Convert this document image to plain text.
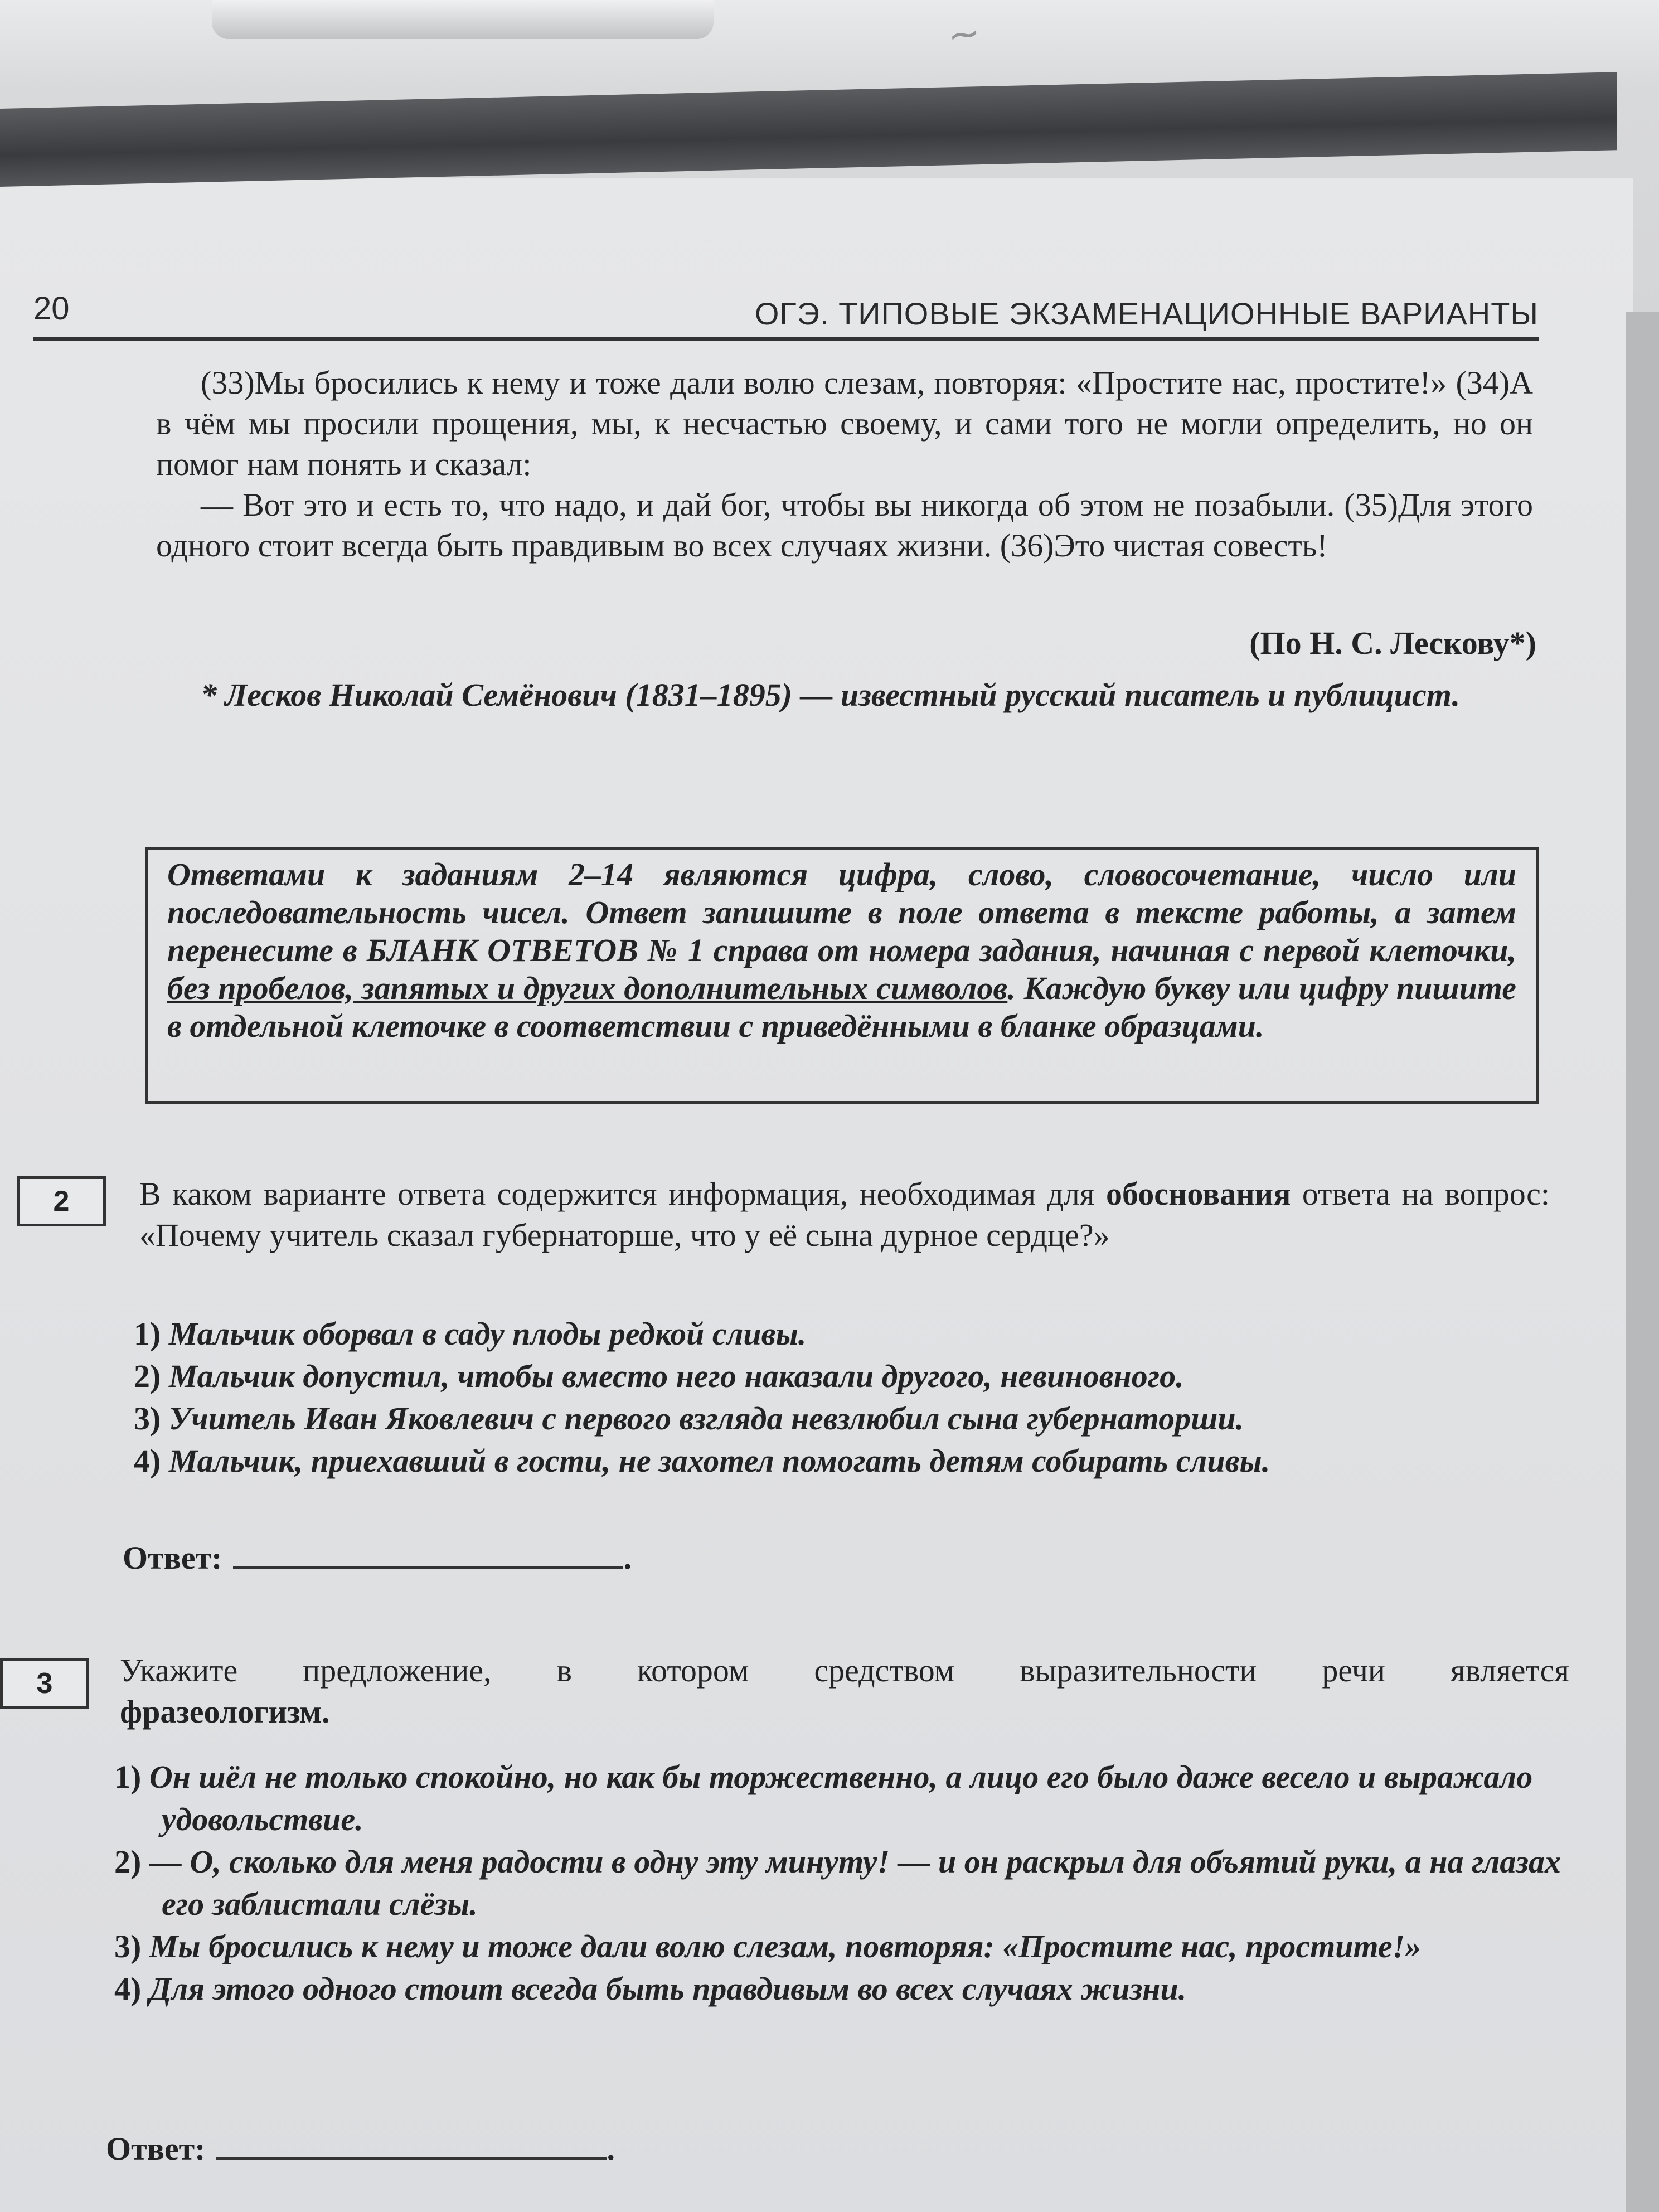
~
20	ОГЭ. ТИПОВЫЕ ЭКЗАМЕНАЦИОННЫЕ ВАРИАНТЫ

(33)Мы бросились к нему и тоже дали волю слезам, повторяя: «Простите нас, простите!» (34)А в чём мы просили прощения, мы, к несчастью своему, и сами того не могли определить, но он помог нам понять и сказал:

— Вот это и есть то, что надо, и дай бог, чтобы вы никогда об этом не позабыли. (35)Для этого одного стоит всегда быть правдивым во всех случаях жизни. (36)Это чистая совесть!

(По Н. С. Лескову*)
* Лесков Николай Семёнович (1831–1895) — известный русский писатель и публицист.
Ответами к заданиям 2–14 являются цифра, слово, словосочетание, число или последовательность чисел. Ответ запишите в поле ответа в тексте работы, а затем перенесите в БЛАНК ОТВЕТОВ № 1 справа от номера задания, начиная с первой клеточки, без пробелов, запятых и других дополнительных символов. Каждую букву или цифру пишите в отдельной клеточке в соответствии с приведёнными в бланке образцами.
2	В каком варианте ответа содержится информация, необходимая для обоснования ответа на вопрос: «Почему учитель сказал губернаторше, что у её сына дурное сердце?»
1) Мальчик оборвал в саду плоды редкой сливы.
2) Мальчик допустил, чтобы вместо него наказали другого, невиновного.
3) Учитель Иван Яковлевич с первого взгляда невзлюбил сына губернаторши.
4) Мальчик, приехавший в гости, не захотел помогать детям собирать сливы.
Ответ:	.
3	Укажите предложение, в котором средством выразительности речи является
фразеологизм.
1) Он шёл не только спокойно, но как бы торжественно, а лицо его было даже весело и выражало удовольствие.
2) — О, сколько для меня радости в одну эту минуту! — и он раскрыл для объятий руки, а на глазах его заблистали слёзы.
3) Мы бросились к нему и тоже дали волю слезам, повторяя: «Простите нас, простите!»
4) Для этого одного стоит всегда быть правдивым во всех случаях жизни.
Ответ:	.
